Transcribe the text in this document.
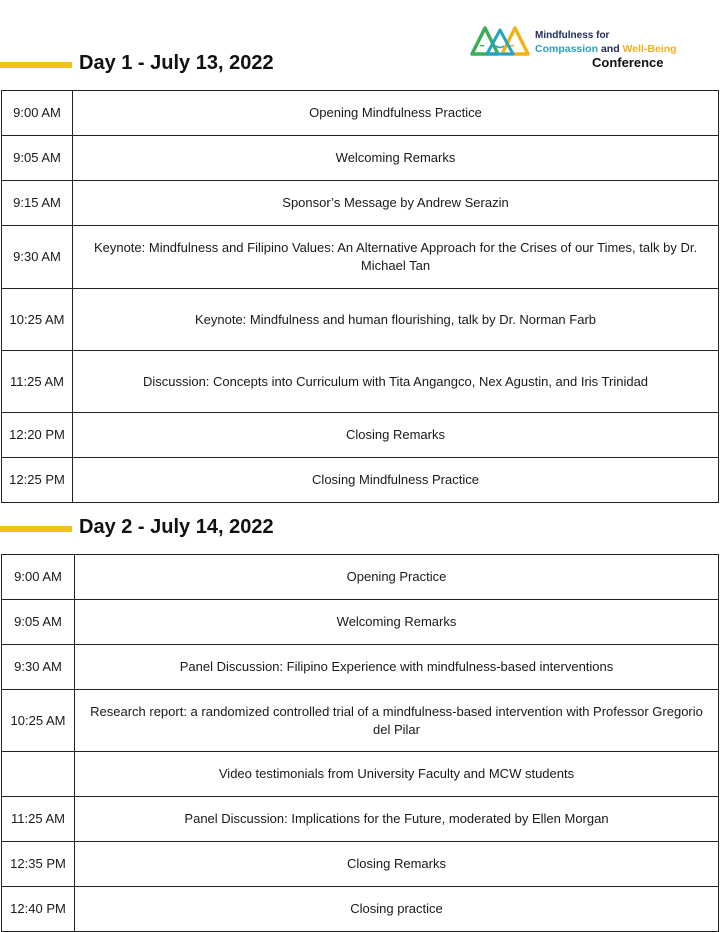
Mindfulness for
Compassion and Well-Being
Conference
Day 1 - July 13, 2022
9:00 AM	Opening Mindfulness Practice
9:05 AM	Welcoming Remarks
9:15 AM	Sponsor’s Message by Andrew Serazin
9:30 AM	Keynote: Mindfulness and Filipino Values: An Alternative Approach for the Crises of our Times, talk by Dr. Michael Tan
10:25 AM	Keynote: Mindfulness and human flourishing, talk by Dr. Norman Farb
11:25 AM	Discussion: Concepts into Curriculum with Tita Angangco, Nex Agustin, and Iris Trinidad
12:20 PM	Closing Remarks
12:25 PM	Closing Mindfulness Practice
Day 2 - July 14, 2022
9:00 AM	Opening Practice
9:05 AM	Welcoming Remarks
9:30 AM	Panel Discussion: Filipino Experience with mindfulness-based interventions
10:25 AM	Research report: a randomized controlled trial of a mindfulness-based intervention with Professor Gregorio del Pilar
	Video testimonials from University Faculty and MCW students
11:25 AM	Panel Discussion: Implications for the Future, moderated by Ellen Morgan
12:35 PM	Closing Remarks
12:40 PM	Closing practice
